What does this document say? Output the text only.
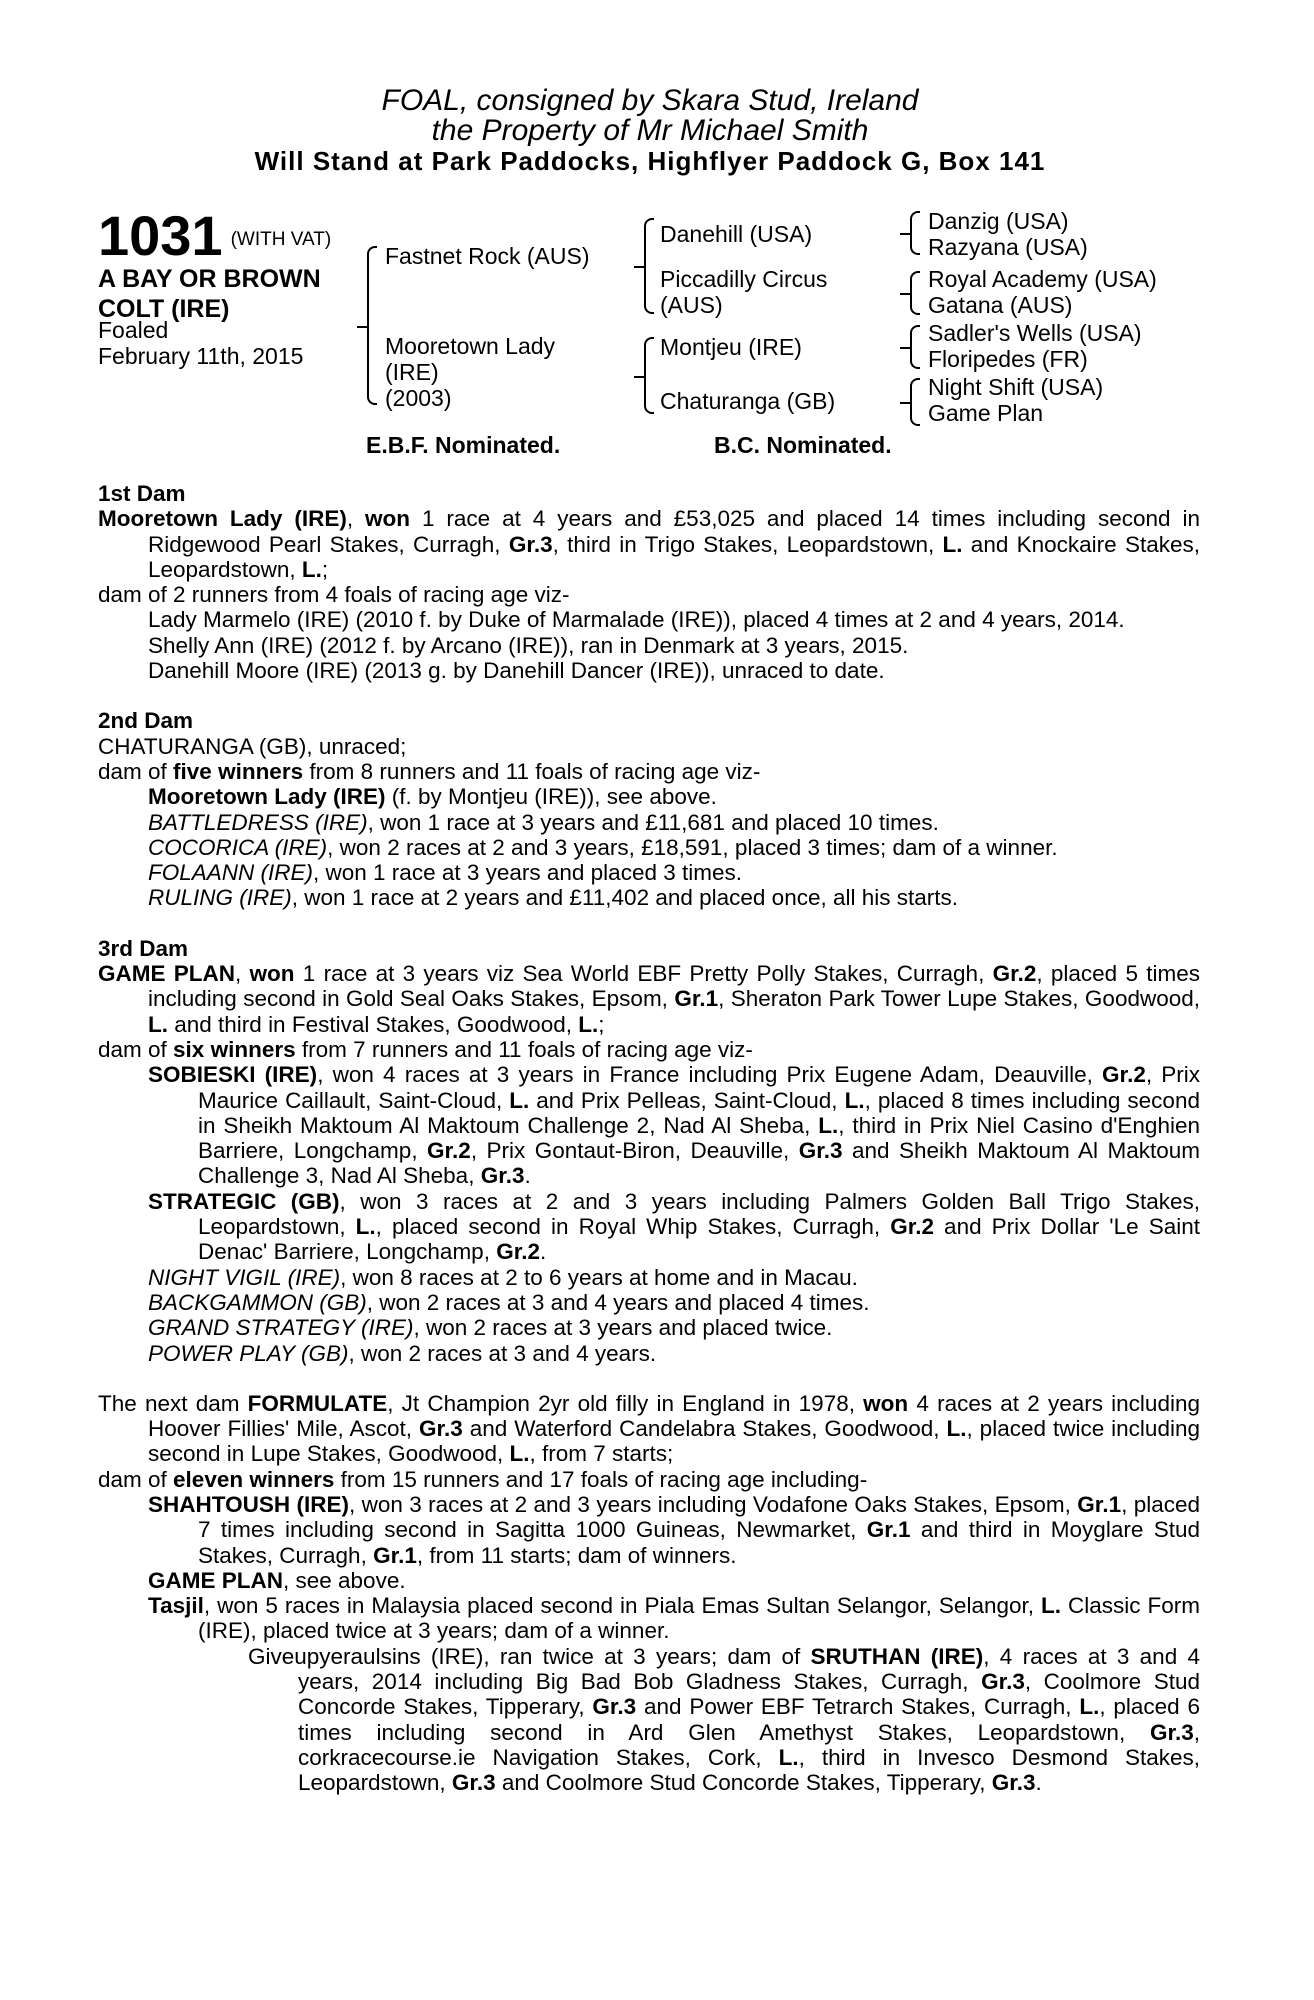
FOAL, consigned by Skara Stud, Ireland
the Property of Mr Michael Smith
Will Stand at Park Paddocks, Highflyer Paddock G, Box 141
1031 (WITH VAT)
A BAY OR BROWN
COLT (IRE)
Foaled
February 11th, 2015
Fastnet Rock (AUS)
Mooretown Lady
(IRE)
(2003)
Danehill (USA)
Piccadilly Circus
(AUS)
Montjeu (IRE)
Chaturanga (GB)
Danzig (USA)
Razyana (USA)
Royal Academy (USA)
Gatana (AUS)
Sadler's Wells (USA)
Floripedes (FR)
Night Shift (USA)
Game Plan
E.B.F. Nominated.	B.C. Nominated.
1st Dam
Mooretown Lady (IRE), won 1 race at 4 years and £53,025 and placed 14 times including second in Ridgewood Pearl Stakes, Curragh, Gr.3, third in Trigo Stakes, Leopardstown, L. and Knockaire Stakes, Leopardstown, L.;
dam of 2 runners from 4 foals of racing age viz-
Lady Marmelo (IRE) (2010 f. by Duke of Marmalade (IRE)), placed 4 times at 2 and 4 years, 2014.
Shelly Ann (IRE) (2012 f. by Arcano (IRE)), ran in Denmark at 3 years, 2015.
Danehill Moore (IRE) (2013 g. by Danehill Dancer (IRE)), unraced to date.
2nd Dam
CHATURANGA (GB), unraced;
dam of five winners from 8 runners and 11 foals of racing age viz-
Mooretown Lady (IRE) (f. by Montjeu (IRE)), see above.
BATTLEDRESS (IRE), won 1 race at 3 years and £11,681 and placed 10 times.
COCORICA (IRE), won 2 races at 2 and 3 years, £18,591, placed 3 times; dam of a winner.
FOLAANN (IRE), won 1 race at 3 years and placed 3 times.
RULING (IRE), won 1 race at 2 years and £11,402 and placed once, all his starts.
3rd Dam
GAME PLAN, won 1 race at 3 years viz Sea World EBF Pretty Polly Stakes, Curragh, Gr.2, placed 5 times including second in Gold Seal Oaks Stakes, Epsom, Gr.1, Sheraton Park Tower Lupe Stakes, Goodwood, L. and third in Festival Stakes, Goodwood, L.;
dam of six winners from 7 runners and 11 foals of racing age viz-
SOBIESKI (IRE), won 4 races at 3 years in France including Prix Eugene Adam, Deauville, Gr.2, Prix Maurice Caillault, Saint-Cloud, L. and Prix Pelleas, Saint-Cloud, L., placed 8 times including second in Sheikh Maktoum Al Maktoum Challenge 2, Nad Al Sheba, L., third in Prix Niel Casino d'Enghien Barriere, Longchamp, Gr.2, Prix Gontaut-Biron, Deauville, Gr.3 and Sheikh Maktoum Al Maktoum Challenge 3, Nad Al Sheba, Gr.3.
STRATEGIC (GB), won 3 races at 2 and 3 years including Palmers Golden Ball Trigo Stakes, Leopardstown, L., placed second in Royal Whip Stakes, Curragh, Gr.2 and Prix Dollar 'Le Saint Denac' Barriere, Longchamp, Gr.2.
NIGHT VIGIL (IRE), won 8 races at 2 to 6 years at home and in Macau.
BACKGAMMON (GB), won 2 races at 3 and 4 years and placed 4 times.
GRAND STRATEGY (IRE), won 2 races at 3 years and placed twice.
POWER PLAY (GB), won 2 races at 3 and 4 years.
The next dam FORMULATE, Jt Champion 2yr old filly in England in 1978, won 4 races at 2 years including Hoover Fillies' Mile, Ascot, Gr.3 and Waterford Candelabra Stakes, Goodwood, L., placed twice including second in Lupe Stakes, Goodwood, L., from 7 starts;
dam of eleven winners from 15 runners and 17 foals of racing age including-
SHAHTOUSH (IRE), won 3 races at 2 and 3 years including Vodafone Oaks Stakes, Epsom, Gr.1, placed 7 times including second in Sagitta 1000 Guineas, Newmarket, Gr.1 and third in Moyglare Stud Stakes, Curragh, Gr.1, from 11 starts; dam of winners.
GAME PLAN, see above.
Tasjil, won 5 races in Malaysia placed second in Piala Emas Sultan Selangor, Selangor, L. Classic Form (IRE), placed twice at 3 years; dam of a winner.
Giveupyeraulsins (IRE), ran twice at 3 years; dam of SRUTHAN (IRE), 4 races at 3 and 4 years, 2014 including Big Bad Bob Gladness Stakes, Curragh, Gr.3, Coolmore Stud Concorde Stakes, Tipperary, Gr.3 and Power EBF Tetrarch Stakes, Curragh, L., placed 6 times including second in Ard Glen Amethyst Stakes, Leopardstown, Gr.3, corkracecourse.ie Navigation Stakes, Cork, L., third in Invesco Desmond Stakes, Leopardstown, Gr.3 and Coolmore Stud Concorde Stakes, Tipperary, Gr.3.
